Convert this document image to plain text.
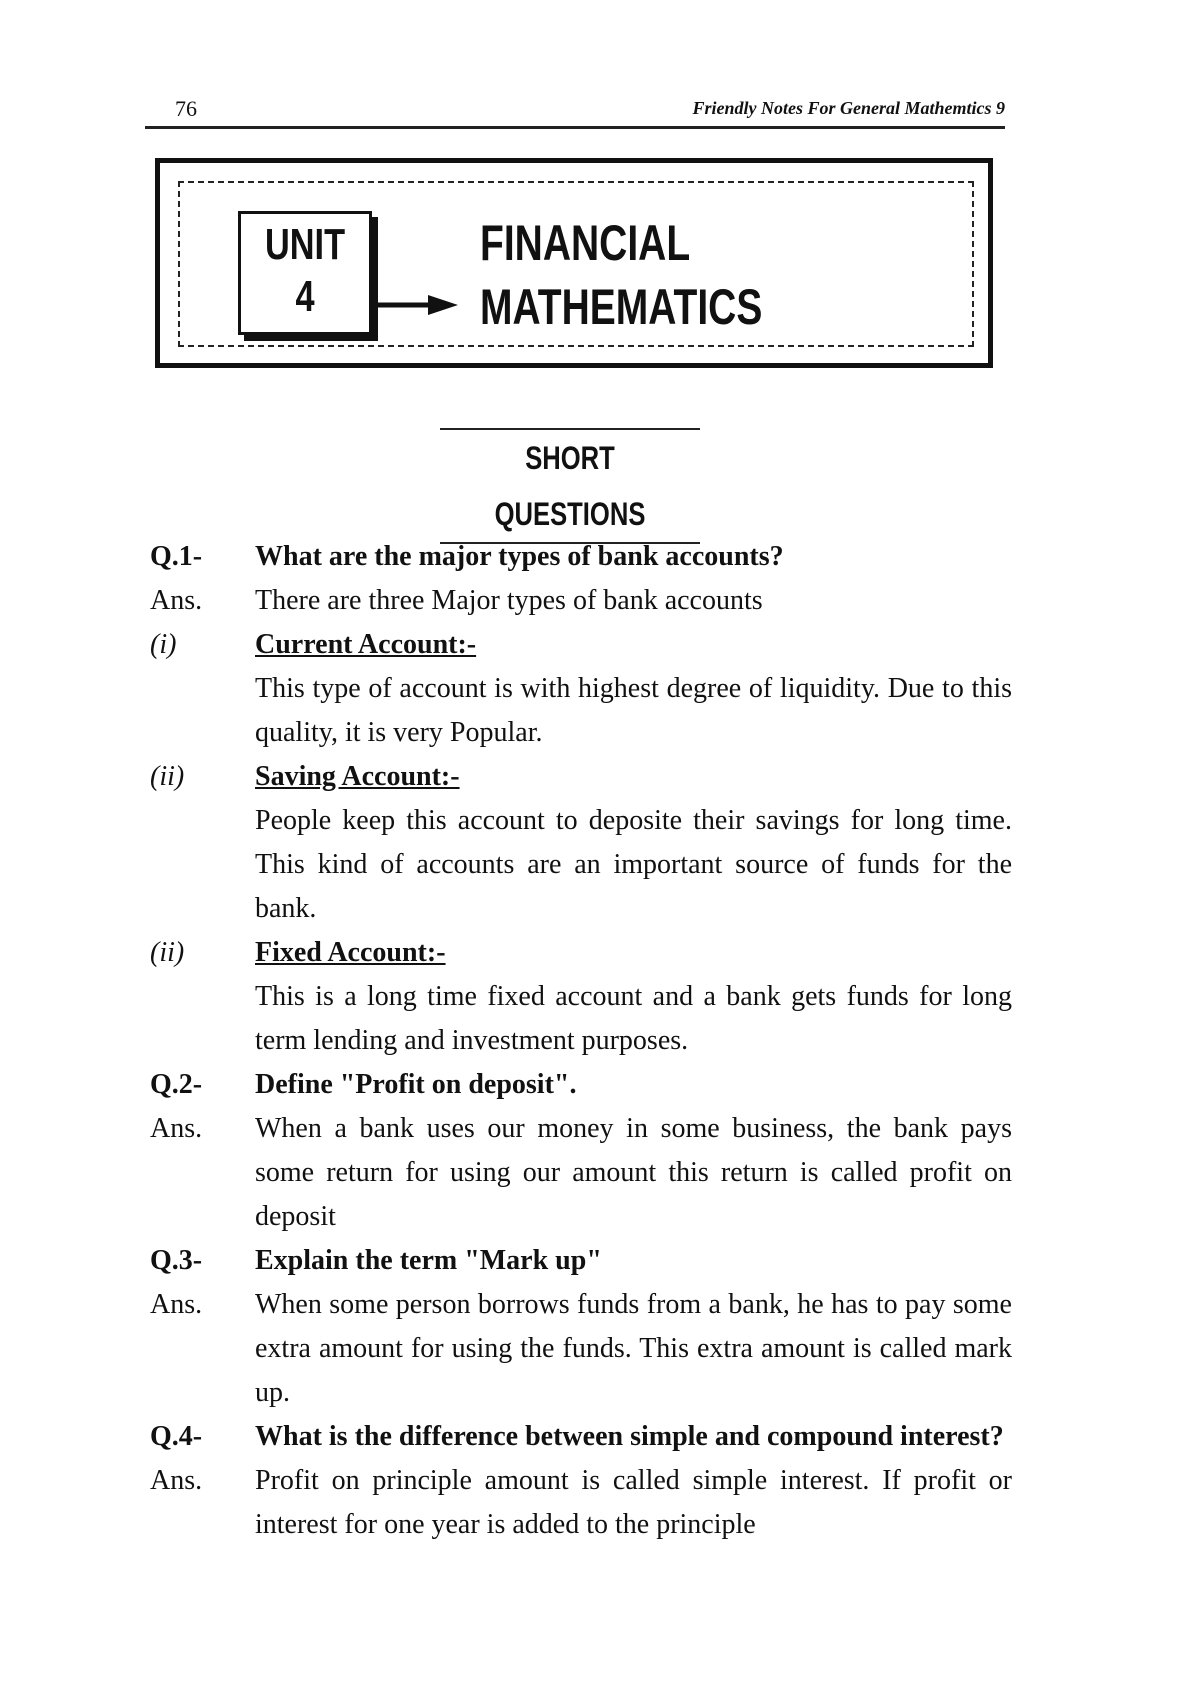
76	Friendly Notes For General Mathemtics 9
UNIT
4
FINANCIAL
MATHEMATICS
SHORT QUESTIONS
Q.1-	What are the major types of bank accounts?
Ans.	There are three Major types of bank accounts
(i)	Current Account:-
This type of account is with highest degree of liquidity. Due to this quality, it is very Popular.
(ii)	Saving Account:-
People keep this account to deposite their savings for long time. This kind of accounts are an important source of funds for the bank.
(ii)	Fixed Account:-
This is a long time fixed account and a bank gets funds for long term lending and investment purposes.
Q.2-	Define "Profit on deposit".
Ans.	When a bank uses our money in some business, the bank pays some return for using our amount this return is called profit on deposit
Q.3-	Explain the term "Mark up"
Ans.	When some person borrows funds from a bank, he has to pay some extra amount for using the funds. This extra amount is called mark up.
Q.4-	What is the difference between simple and compound interest?
Ans.	Profit on principle amount is called simple interest. If profit or interest for one year is added to the principle
